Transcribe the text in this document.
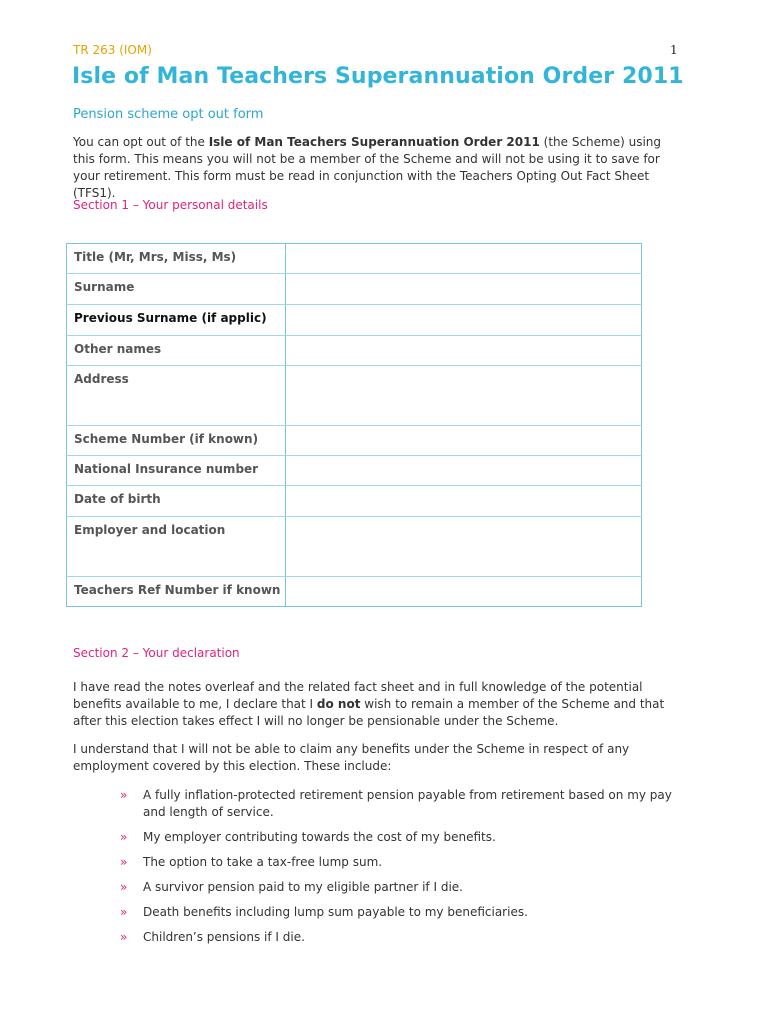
TR 263 (IOM)	1
Isle of Man Teachers Superannuation Order 2011
Pension scheme opt out form
You can opt out of the Isle of Man Teachers Superannuation Order 2011 (the Scheme) using this form. This means you will not be a member of the Scheme and will not be using it to save for your retirement. This form must be read in conjunction with the Teachers Opting Out Fact Sheet (TFS1).
Section 1 – Your personal details
Title (Mr, Mrs, Miss, Ms)	
Surname	
Previous Surname (if applic)	
Other names	
Address	
Scheme Number (if known)	
National Insurance number	
Date of birth	
Employer and location	
Teachers Ref Number if known	
Section 2 – Your declaration
I have read the notes overleaf and the related fact sheet and in full knowledge of the potential benefits available to me, I declare that I do not wish to remain a member of the Scheme and that after this election takes effect I will no longer be pensionable under the Scheme.
I understand that I will not be able to claim any benefits under the Scheme in respect of any employment covered by this election. These include:
» A fully inflation-protected retirement pension payable from retirement based on my pay and length of service.
» My employer contributing towards the cost of my benefits.
» The option to take a tax-free lump sum.
» A survivor pension paid to my eligible partner if I die.
» Death benefits including lump sum payable to my beneficiaries.
» Children’s pensions if I die.
